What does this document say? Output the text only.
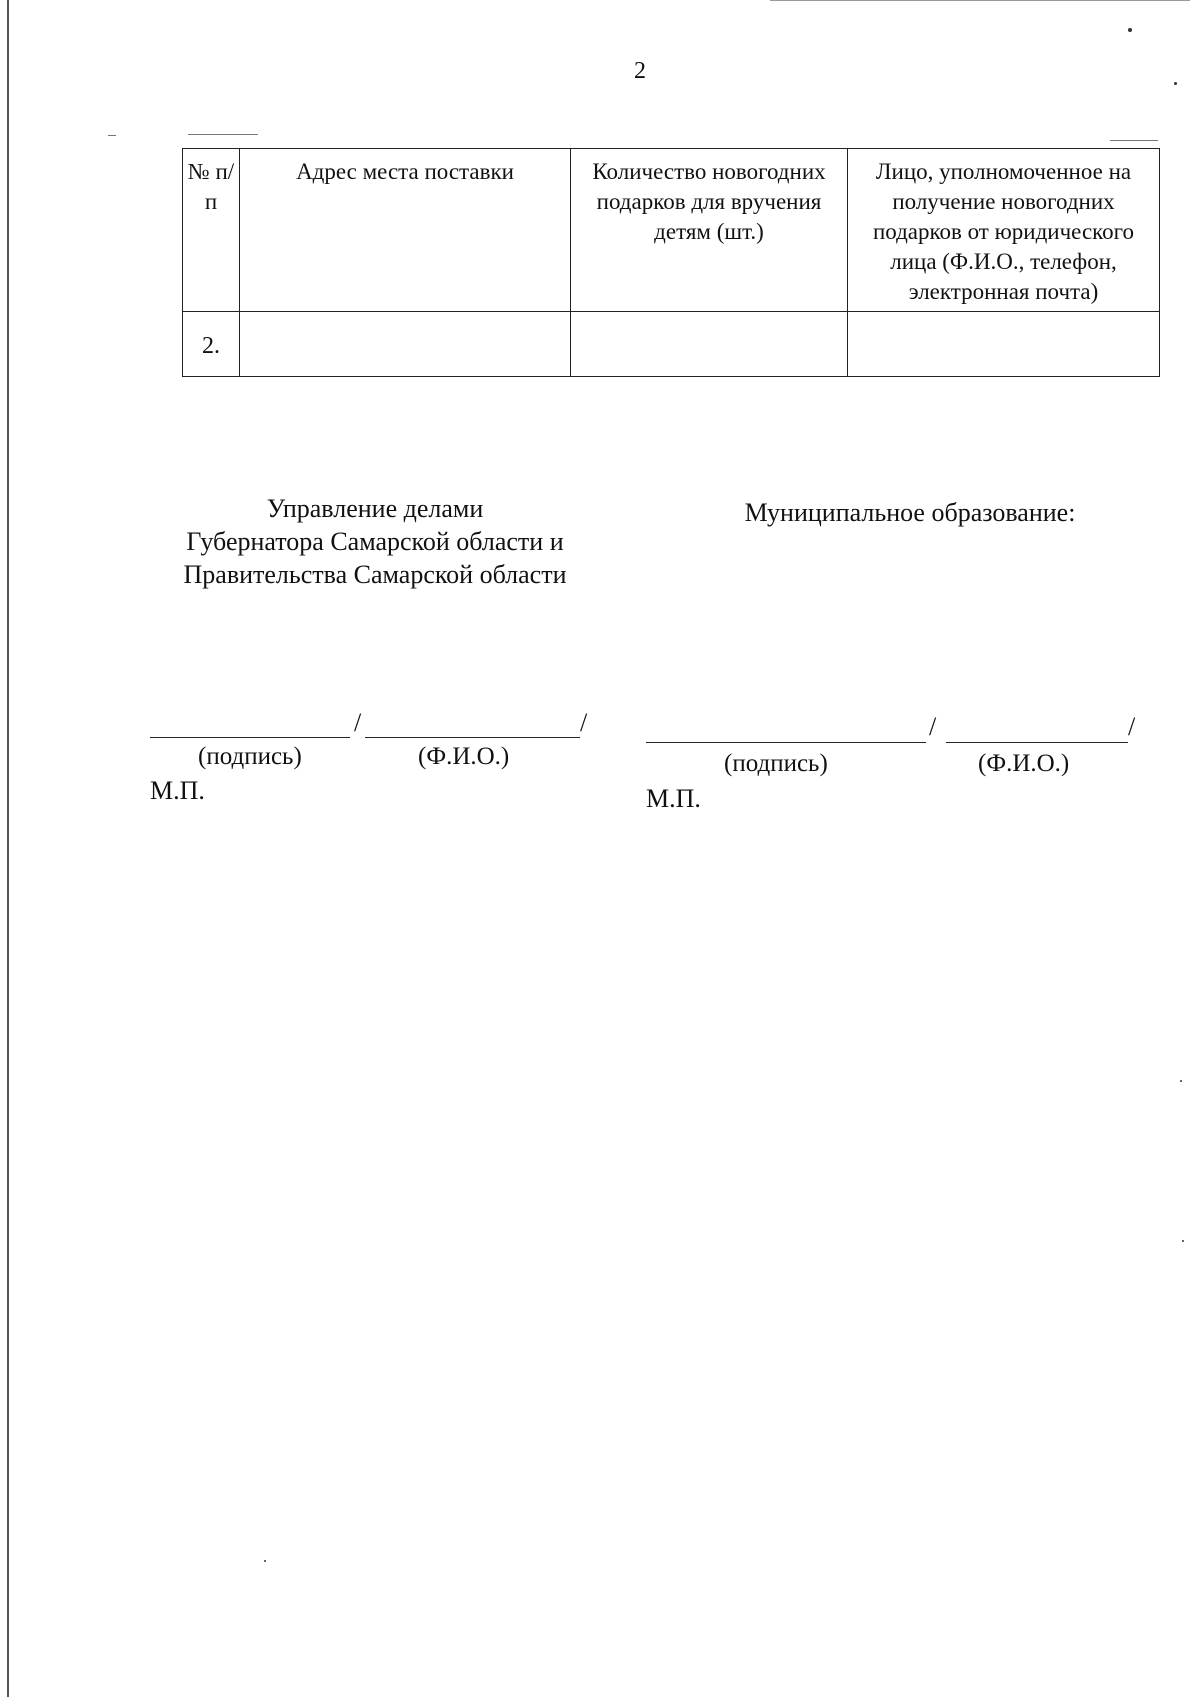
2
№ п/п	Адрес места поставки	Количество новогодних подарков для вручения детям (шт.)	Лицо, уполномоченное на получение новогодних подарков от юридического лица (Ф.И.О., телефон, электронная почта)
2.			
Управление делами
Губернатора Самарской области и
Правительства Самарской области
Муниципальное образование:
/	/
(подпись)	(Ф.И.О.)
М.П.
/	/
(подпись)	(Ф.И.О.)
М.П.
